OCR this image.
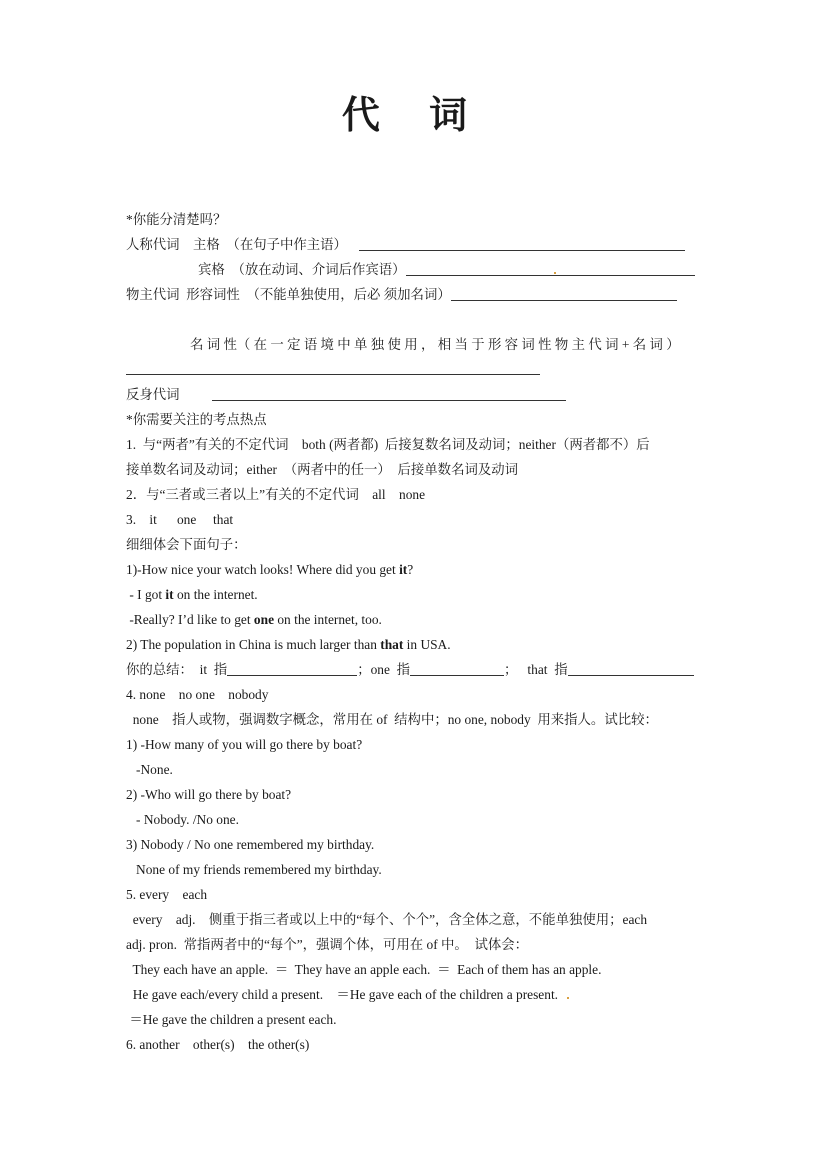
代 词
*你能分清楚吗？
人称代词　主格　（在句子中作主语）
宾格　（放在动词、介词后作宾语）
物主代词  形容词性  （不能单独使用，后必 须加名词）
名 词 性（ 在 一 定 语 境 中 单 独 使 用 ， 相 当 于 形 容 词 性 物 主 代 词 + 名 词 ）
反身代词
*你需要关注的考点热点
1.  与“两者”有关的不定代词    both (两者都)  后接复数名词及动词；neither（两者都不）后
接单数名词及动词；either  （两者中的任一）  后接单数名词及动词
2．与“三者或三者以上”有关的不定代词    all    none
3.    it      one     that
细细体会下面句子：
1)-How nice your watch looks! Where did you get it?
- I got it on the internet.
-Really? I’d like to get one on the internet, too.
2) The population in China is much larger than that in USA.
你的总结：  it  指	；one  指	；   that  指
4. none    no one    nobody
none    指人或物，强调数字概念，常用在 of  结构中；no one, nobody  用来指人。试比较：
1) -How many of you will go there by boat?
-None.
2) -Who will go there by boat?
- Nobody. /No one.
3) Nobody / No one remembered my birthday.
None of my friends remembered my birthday.
5. every    each
every    adj.    侧重于指三者或以上中的“每个、个个”，含全体之意，不能单独使用；each
adj. pron.  常指两者中的“每个”，强调个体，可用在 of 中。  试体会：
They each have an apple.  ＝  They have an apple each.  ＝  Each of them has an apple.
He gave each/every child a present.    ＝He gave each of the children a present.
＝He gave the children a present each.
6. another    other(s)    the other(s)
